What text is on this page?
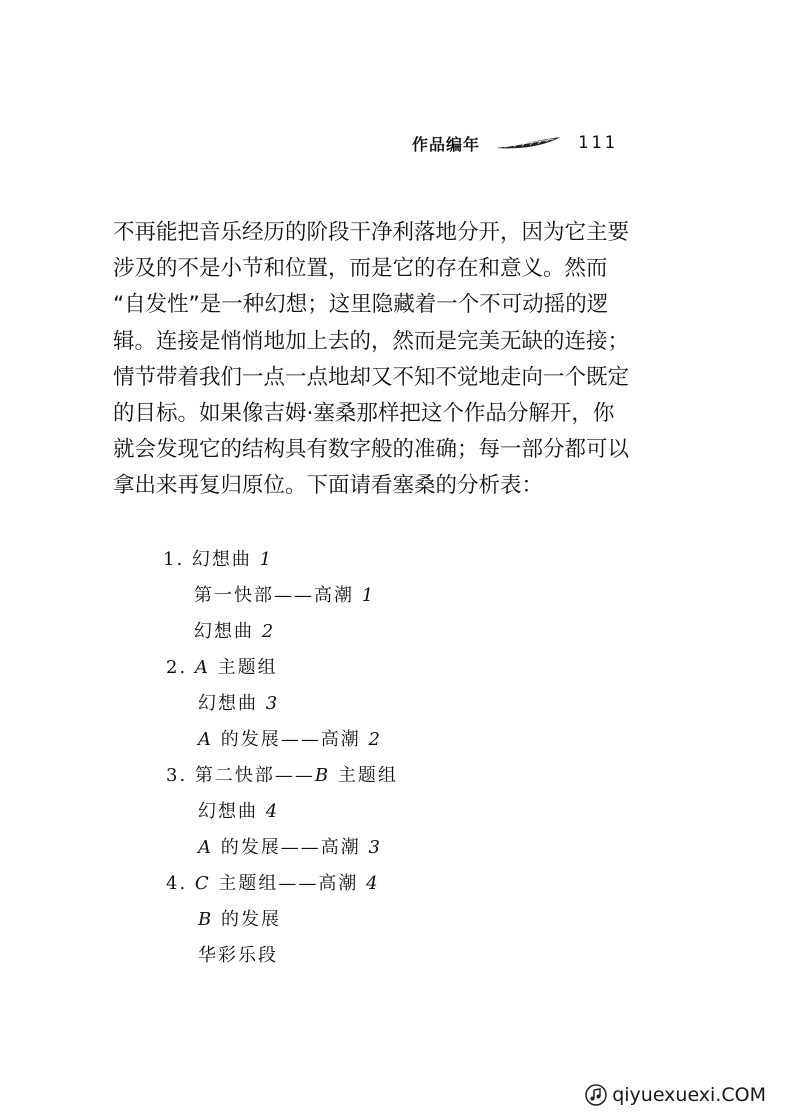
作品编年	111
不再能把音乐经历的阶段干净利落地分开，因为它主要
涉及的不是小节和位置，而是它的存在和意义。然而
“自发性”是一种幻想；这里隐藏着一个不可动摇的逻
辑。连接是悄悄地加上去的，然而是完美无缺的连接；
情节带着我们一点一点地却又不知不觉地走向一个既定
的目标。如果像吉姆·塞桑那样把这个作品分解开，你
就会发现它的结构具有数字般的准确；每一部分都可以
拿出来再复归原位。下面请看塞桑的分析表：
1. 幻想曲 1
第一快部——高潮 1
幻想曲 2
2. A 主题组
幻想曲 3
A 的发展——高潮 2
3. 第二快部——B 主题组
幻想曲 4
A 的发展——高潮 3
4. C 主题组——高潮 4
B 的发展
华彩乐段
qiyuexuexi.COM
